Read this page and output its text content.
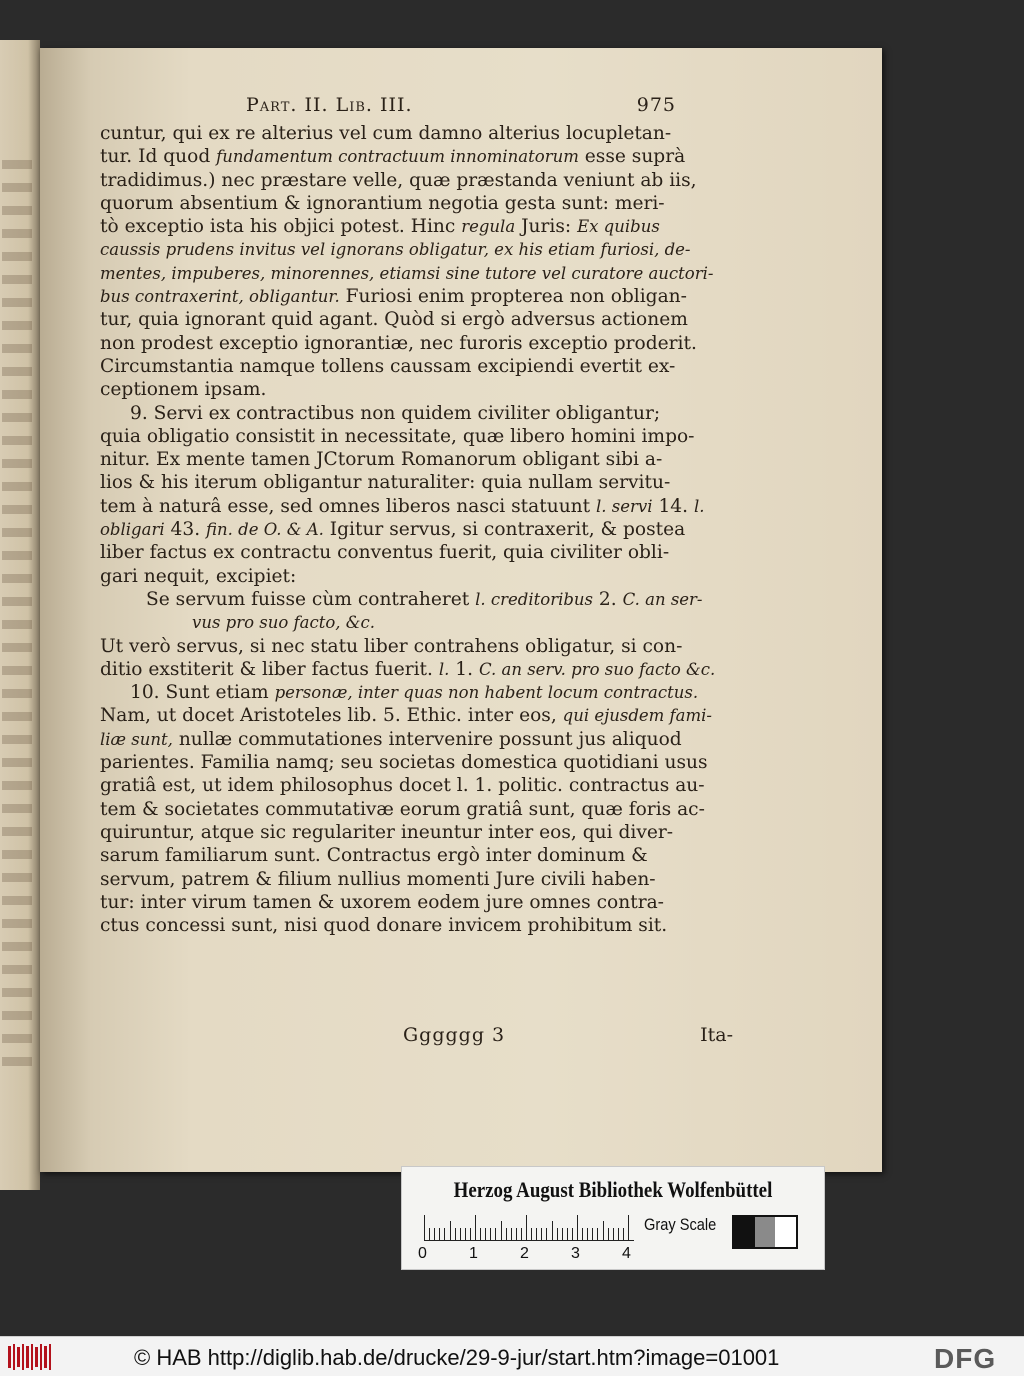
Part. II. Lib. III.	975
cuntur, qui ex re alterius vel cum damno alterius locupletan-
tur. Id quod fundamentum contractuum innominatorum esse suprà
tradidimus.) nec præstare velle, quæ præstanda veniunt ab iis,
quorum absentium & ignorantium negotia gesta sunt: meri-
tò exceptio ista his objici potest. Hinc regula Juris: Ex quibus
caussis prudens invitus vel ignorans obligatur, ex his etiam furiosi, de-
mentes, impuberes, minorennes, etiamsi sine tutore vel curatore auctori-
bus contraxerint, obligantur. Furiosi enim propterea non obligan-
tur, quia ignorant quid agant. Quòd si ergò adversus actionem
non prodest exceptio ignorantiæ, nec furoris exceptio proderit.
Circumstantia namque tollens caussam excipiendi evertit ex-
ceptionem ipsam.
9. Servi ex contractibus non quidem civiliter obligantur;
quia obligatio consistit in necessitate, quæ libero homini impo-
nitur. Ex mente tamen JCtorum Romanorum obligant sibi a-
lios & his iterum obligantur naturaliter: quia nullam servitu-
tem à naturâ esse, sed omnes liberos nasci statuunt l. servi 14. l.
obligari 43. fin. de O. & A. Igitur servus, si contraxerit, & postea
liber factus ex contractu conventus fuerit, quia civiliter obli-
gari nequit, excipiet:
Se servum fuisse cùm contraheret l. creditoribus 2. C. an ser-
vus pro suo facto, &c.
Ut verò servus, si nec statu liber contrahens obligatur, si con-
ditio exstiterit & liber factus fuerit. l. 1. C. an serv. pro suo facto &c.
10. Sunt etiam personæ, inter quas non habent locum contractus.
Nam, ut docet Aristoteles lib. 5. Ethic. inter eos, qui ejusdem fami-
liæ sunt, nullæ commutationes intervenire possunt jus aliquod
parientes. Familia namq; seu societas domestica quotidiani usus
gratiâ est, ut idem philosophus docet l. 1. politic. contractus au-
tem & societates commutativæ eorum gratiâ sunt, quæ foris ac-
quiruntur, atque sic regulariter ineuntur inter eos, qui diver-
sarum familiarum sunt. Contractus ergò inter dominum &
servum, patrem & filium nullius momenti Jure civili haben-
tur: inter virum tamen & uxorem eodem jure omnes contra-
ctus concessi sunt, nisi quod donare invicem prohibitum sit.
Gggggg 3	Ita-
Herzog August Bibliothek Wolfenbüttel
0	1	2	3	4
Gray Scale
© HAB http://diglib.hab.de/drucke/29-9-jur/start.htm?image=01001	DFG
